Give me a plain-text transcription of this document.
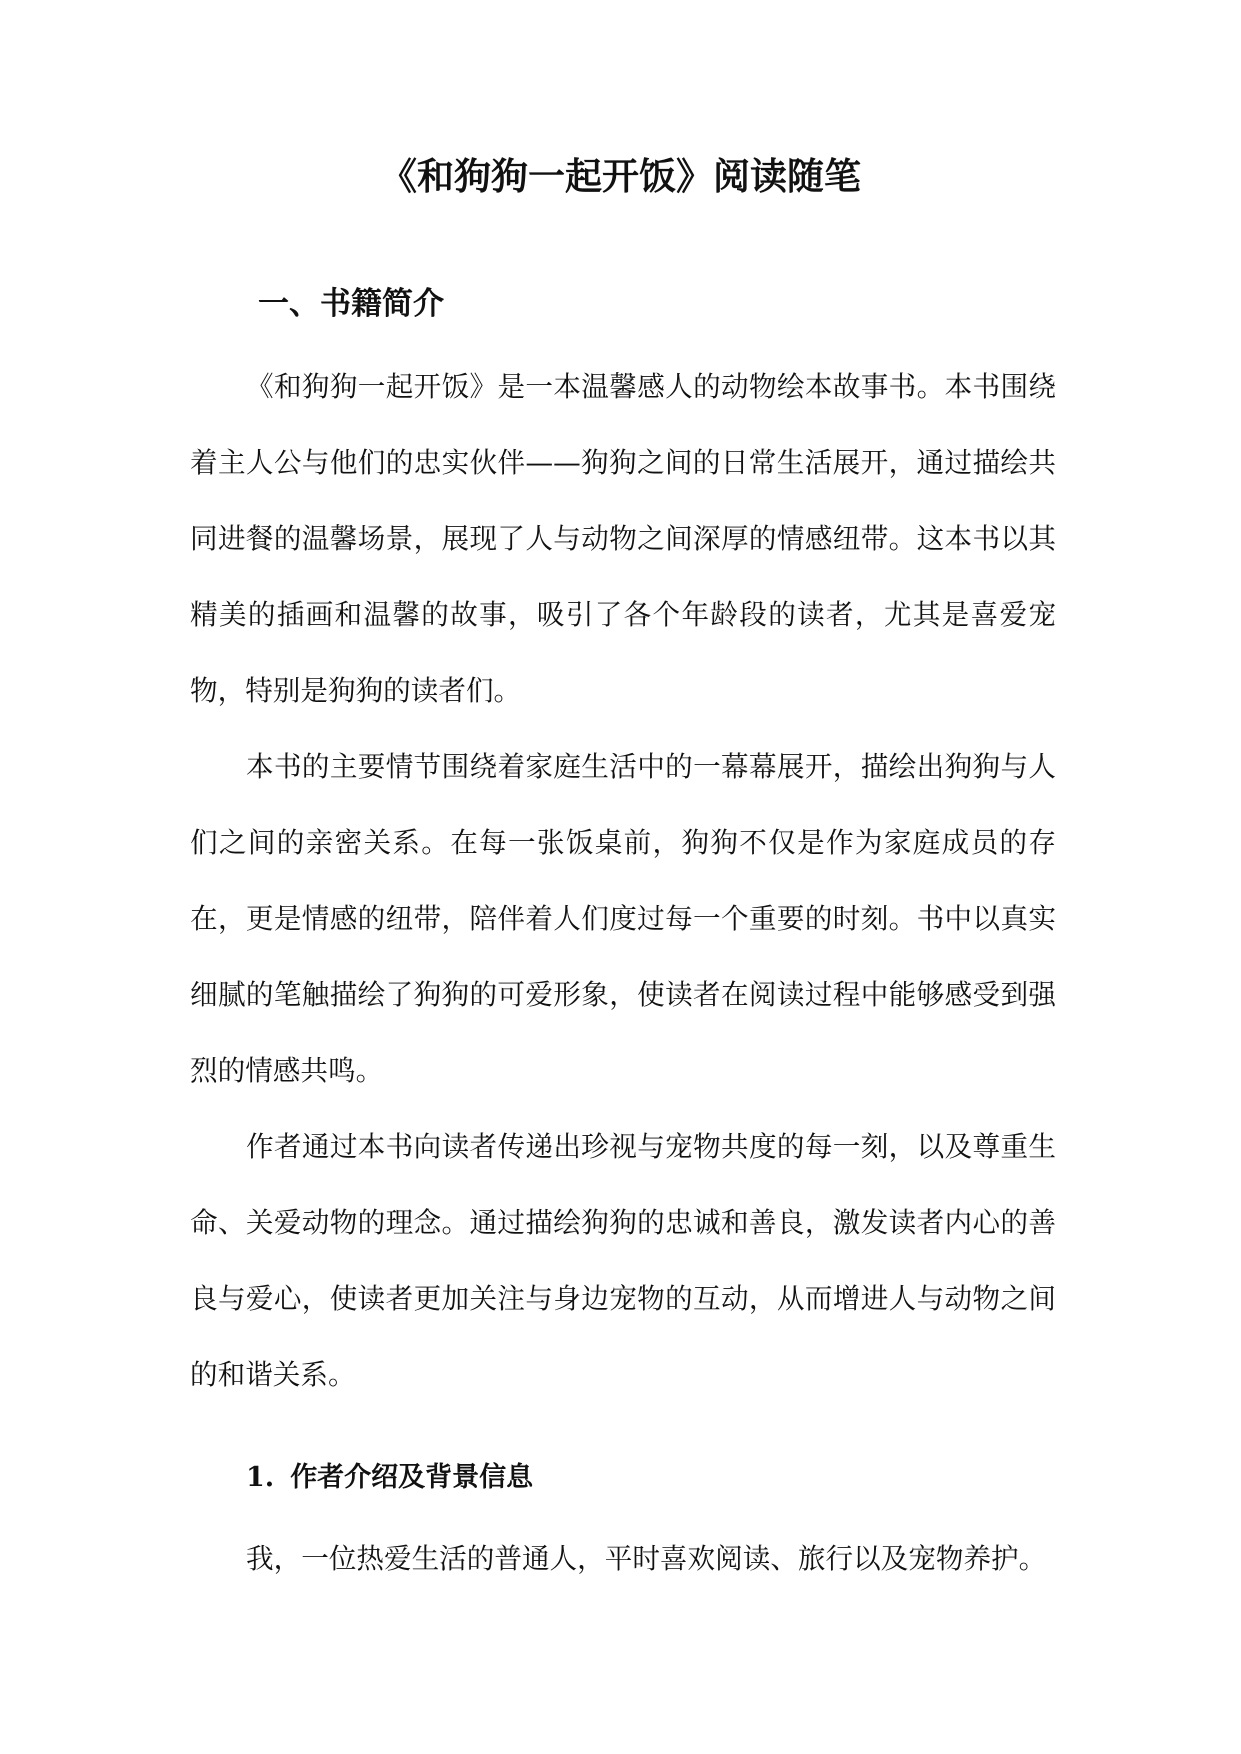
《和狗狗一起开饭》阅读随笔
一、书籍简介

《和狗狗一起开饭》是一本温馨感人的动物绘本故事书。本书围绕着主人公与他们的忠实伙伴——狗狗之间的日常生活展开，通过描绘共同进餐的温馨场景，展现了人与动物之间深厚的情感纽带。这本书以其精美的插画和温馨的故事，吸引了各个年龄段的读者，尤其是喜爱宠物，特别是狗狗的读者们。

本书的主要情节围绕着家庭生活中的一幕幕展开，描绘出狗狗与人们之间的亲密关系。在每一张饭桌前，狗狗不仅是作为家庭成员的存在，更是情感的纽带，陪伴着人们度过每一个重要的时刻。书中以真实细腻的笔触描绘了狗狗的可爱形象，使读者在阅读过程中能够感受到强烈的情感共鸣。

作者通过本书向读者传递出珍视与宠物共度的每一刻，以及尊重生命、关爱动物的理念。通过描绘狗狗的忠诚和善良，激发读者内心的善良与爱心，使读者更加关注与身边宠物的互动，从而增进人与动物之间的和谐关系。

1. 作者介绍及背景信息

我，一位热爱生活的普通人，平时喜欢阅读、旅行以及宠物养护。
